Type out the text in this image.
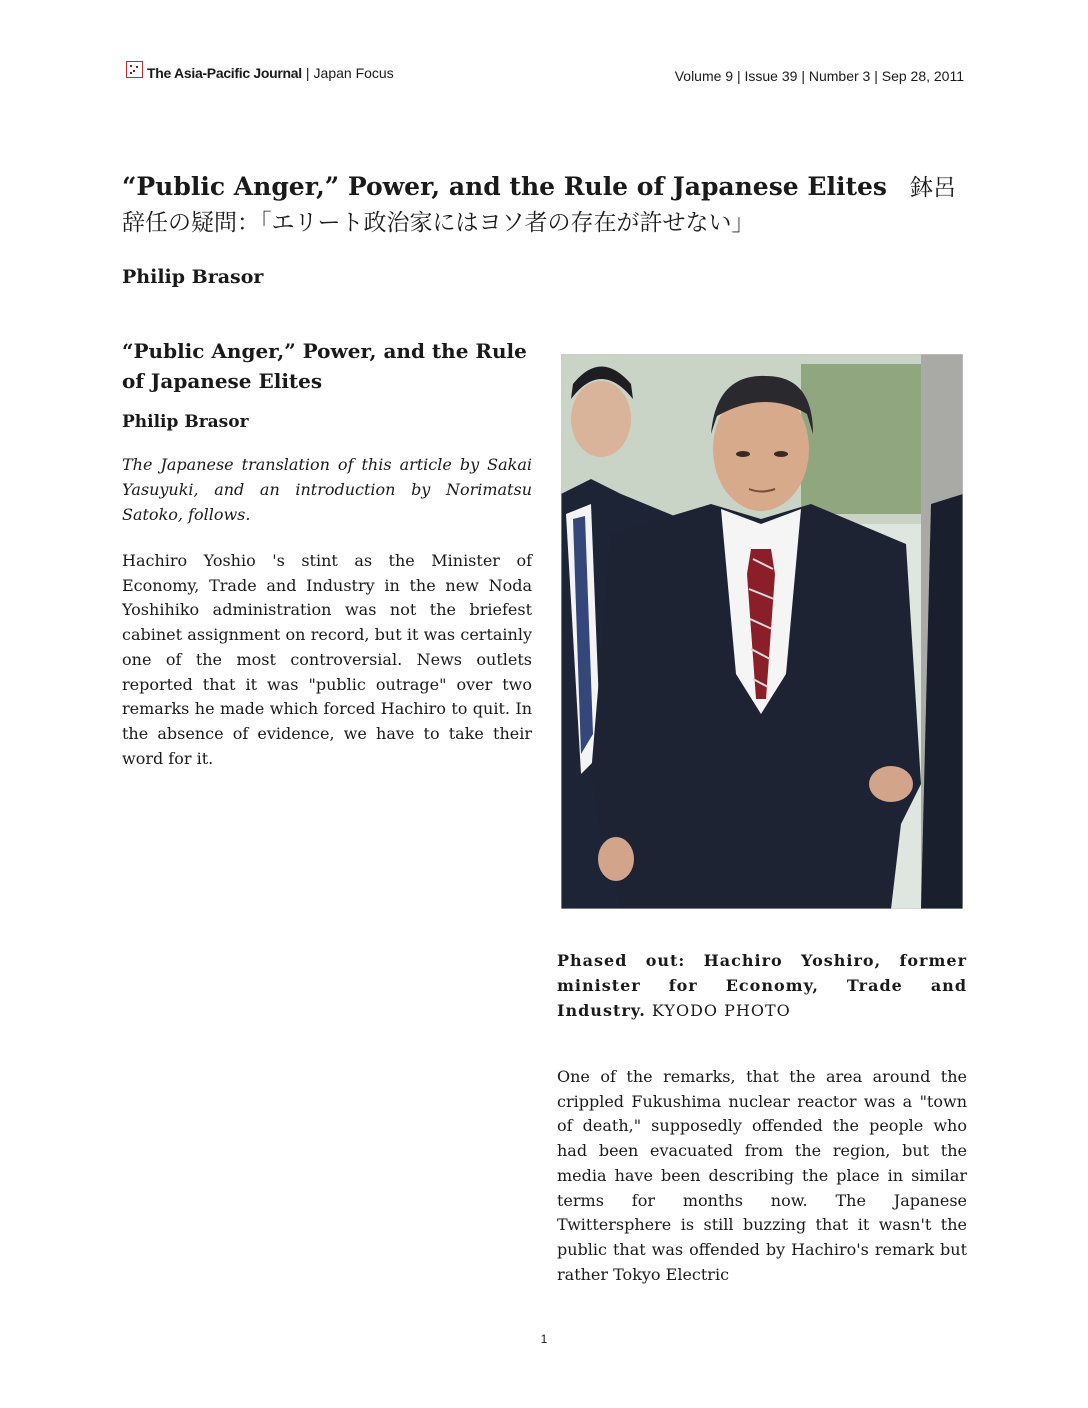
The Asia-Pacific Journal | Japan Focus	Volume 9 | Issue 39 | Number 3 | Sep 28, 2011
“Public Anger,” Power, and the Rule of Japanese Elites　鉢呂辞任の疑問：「エリート政治家にはヨソ者の存在が許せない」
Philip Brasor
“Public Anger,” Power, and the Rule of Japanese Elites

Philip Brasor

The Japanese translation of this article by Sakai Yasuyuki, and an introduction by Norimatsu Satoko, follows.

Hachiro Yoshio 's stint as the Minister of Economy, Trade and Industry in the new Noda Yoshihiko administration was not the briefest cabinet assignment on record, but it was certainly one of the most controversial. News outlets reported that it was "public outrage" over two remarks he made which forced Hachiro to quit. In the absence of evidence, we have to take their word for it.

Phased out: Hachiro Yoshiro, former minister for Economy, Trade and Industry. KYODO PHOTO

One of the remarks, that the area around the crippled Fukushima nuclear reactor was a "town of death," supposedly offended the people who had been evacuated from the region, but the media have been describing the place in similar terms for months now. The Japanese Twittersphere is still buzzing that it wasn't the public that was offended by Hachiro's remark but rather Tokyo Electric

1
